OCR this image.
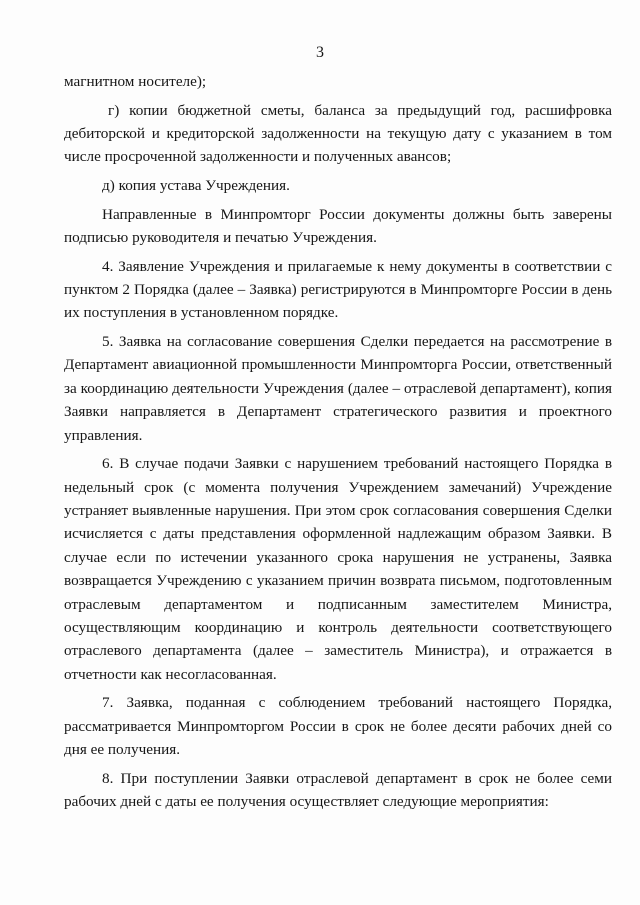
3

магнитном носителе);

г) копии бюджетной сметы, баланса за предыдущий год, расшифровка дебиторской и кредиторской задолженности на текущую дату с указанием в том числе просроченной задолженности и полученных авансов;

д) копия устава Учреждения.

Направленные в Минпромторг России документы должны быть заверены подписью руководителя и печатью Учреждения.

4. Заявление Учреждения и прилагаемые к нему документы в соответствии с пунктом 2 Порядка (далее – Заявка) регистрируются в Минпромторге России в день их поступления в установленном порядке.

5. Заявка на согласование совершения Сделки передается на рассмотрение в Департамент авиационной промышленности Минпромторга России, ответственный за координацию деятельности Учреждения (далее – отраслевой департамент), копия Заявки направляется в Департамент стратегического развития и проектного управления.

6. В случае подачи Заявки с нарушением требований настоящего Порядка в недельный срок (с момента получения Учреждением замечаний) Учреждение устраняет выявленные нарушения. При этом срок согласования совершения Сделки исчисляется с даты представления оформленной надлежащим образом Заявки. В случае если по истечении указанного срока нарушения не устранены, Заявка возвращается Учреждению с указанием причин возврата письмом, подготовленным отраслевым департаментом и подписанным заместителем Министра, осуществляющим координацию и контроль деятельности соответствующего отраслевого департамента (далее – заместитель Министра), и отражается в отчетности как несогласованная.

7. Заявка, поданная с соблюдением требований настоящего Порядка, рассматривается Минпромторгом России в срок не более десяти рабочих дней со дня ее получения.

8. При поступлении Заявки отраслевой департамент в срок не более семи рабочих дней с даты ее получения осуществляет следующие мероприятия:
